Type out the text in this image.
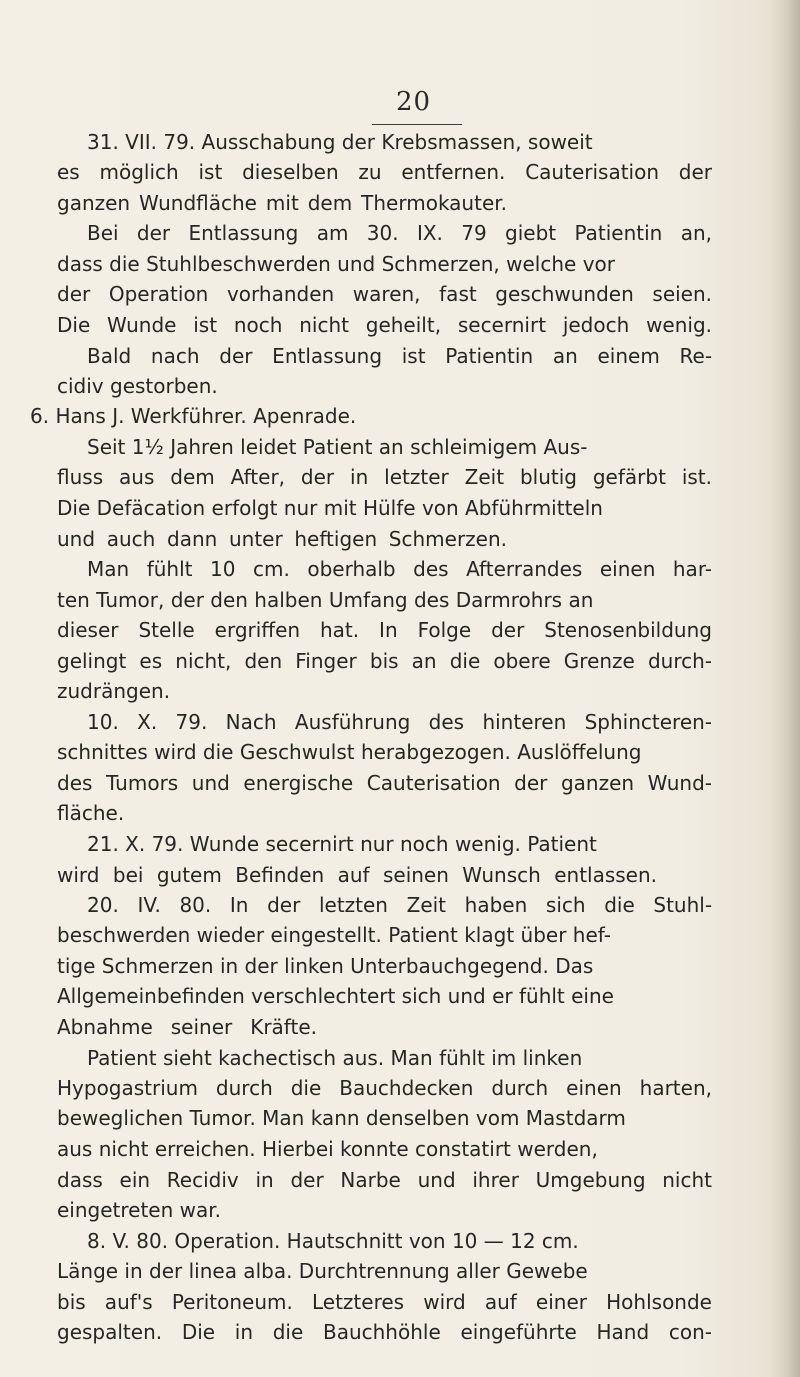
20
31. VII. 79. Ausschabung der Krebsmassen, soweit
es möglich ist dieselben zu entfernen. Cauterisation der
ganzen Wundfläche mit dem Thermokauter.
Bei der Entlassung am 30. IX. 79 giebt Patientin an,
dass die Stuhlbeschwerden und Schmerzen, welche vor
der Operation vorhanden waren, fast geschwunden seien.
Die Wunde ist noch nicht geheilt, secernirt jedoch wenig.
Bald nach der Entlassung ist Patientin an einem Re-
cidiv gestorben.
6. Hans J. Werkführer. Apenrade.
Seit 1½ Jahren leidet Patient an schleimigem Aus-
fluss aus dem After, der in letzter Zeit blutig gefärbt ist.
Die Defäcation erfolgt nur mit Hülfe von Abführmitteln
und auch dann unter heftigen Schmerzen.
Man fühlt 10 cm. oberhalb des Afterrandes einen har-
ten Tumor, der den halben Umfang des Darmrohrs an
dieser Stelle ergriffen hat. In Folge der Stenosenbildung
gelingt es nicht, den Finger bis an die obere Grenze durch-
zudrängen.
10. X. 79. Nach Ausführung des hinteren Sphincteren-
schnittes wird die Geschwulst herabgezogen. Auslöffelung
des Tumors und energische Cauterisation der ganzen Wund-
fläche.
21. X. 79. Wunde secernirt nur noch wenig. Patient
wird bei gutem Befinden auf seinen Wunsch entlassen.
20. IV. 80. In der letzten Zeit haben sich die Stuhl-
beschwerden wieder eingestellt. Patient klagt über hef-
tige Schmerzen in der linken Unterbauchgegend. Das
Allgemeinbefinden verschlechtert sich und er fühlt eine
Abnahme seiner Kräfte.
Patient sieht kachectisch aus. Man fühlt im linken
Hypogastrium durch die Bauchdecken durch einen harten,
beweglichen Tumor. Man kann denselben vom Mastdarm
aus nicht erreichen. Hierbei konnte constatirt werden,
dass ein Recidiv in der Narbe und ihrer Umgebung nicht
eingetreten war.
8. V. 80. Operation. Hautschnitt von 10 — 12 cm.
Länge in der linea alba. Durchtrennung aller Gewebe
bis auf's Peritoneum. Letzteres wird auf einer Hohlsonde
gespalten. Die in die Bauchhöhle eingeführte Hand con-
